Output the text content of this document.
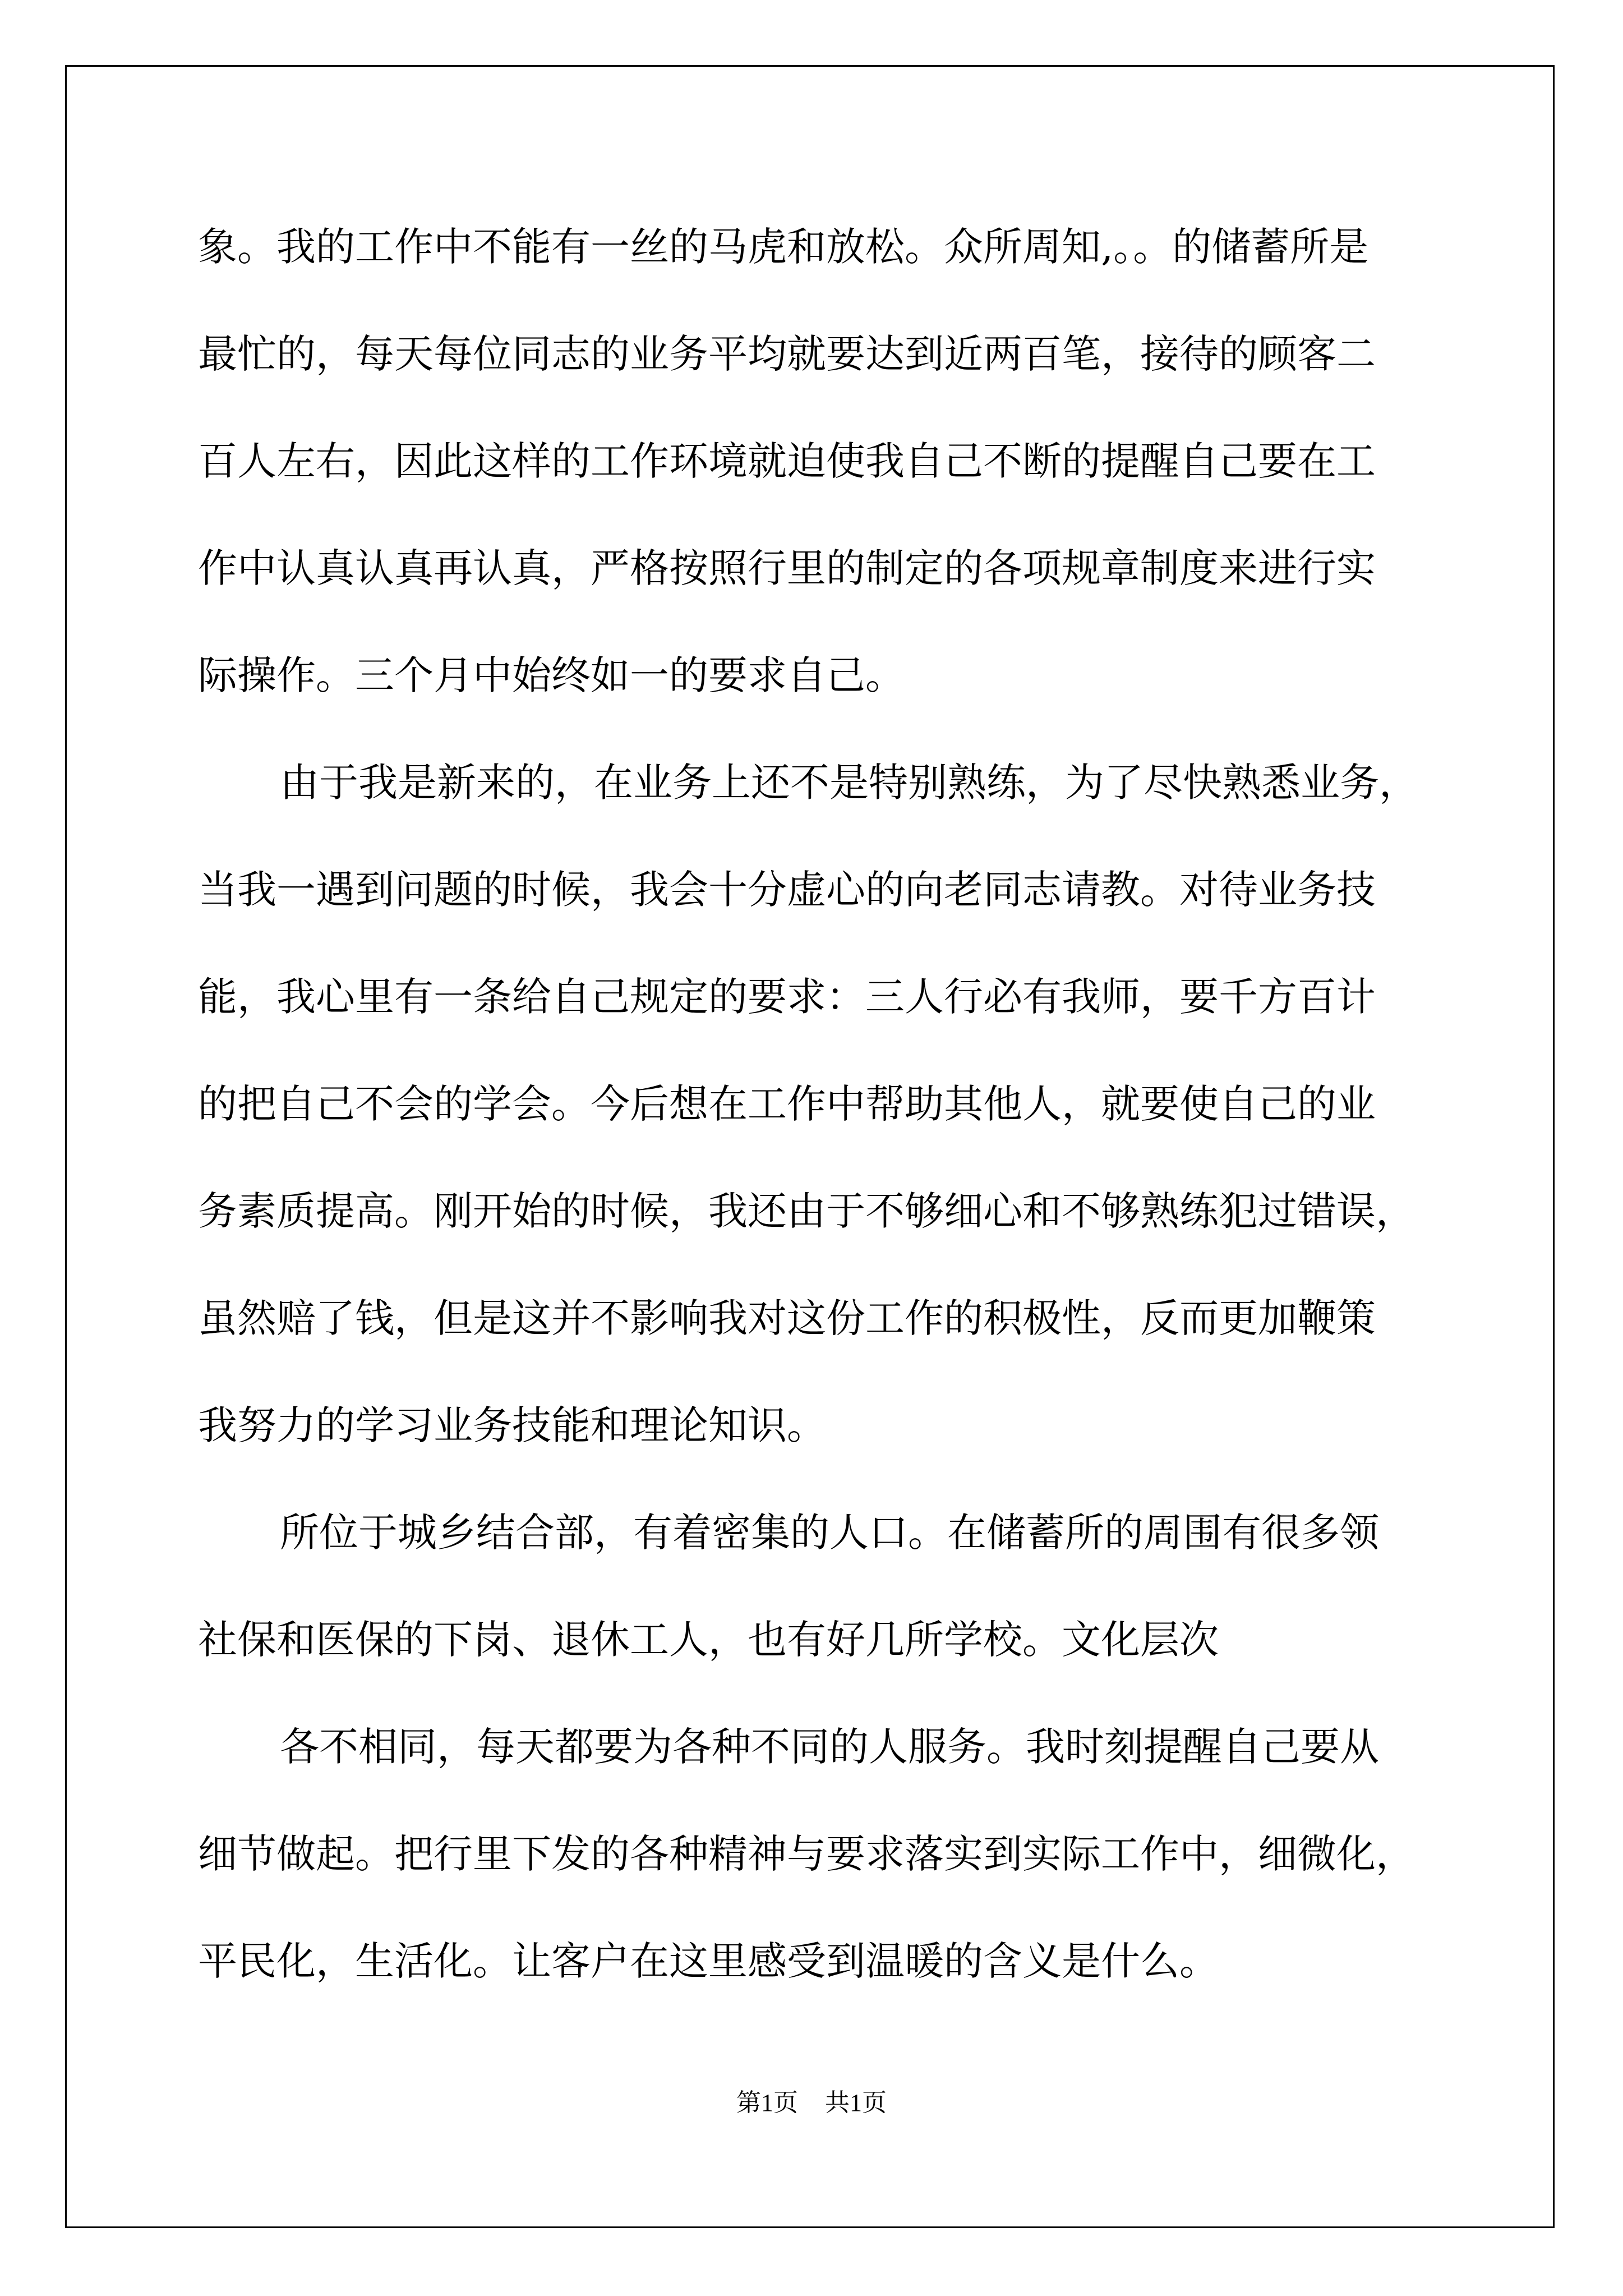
象。我的工作中不能有一丝的马虎和放松。众所周知,。。的储蓄所是
最忙的，每天每位同志的业务平均就要达到近两百笔，接待的顾客二
百人左右，因此这样的工作环境就迫使我自己不断的提醒自己要在工
作中认真认真再认真，严格按照行里的制定的各项规章制度来进行实
际操作。三个月中始终如一的要求自己。
由于我是新来的，在业务上还不是特别熟练，为了尽快熟悉业务，
当我一遇到问题的时候，我会十分虚心的向老同志请教。对待业务技
能，我心里有一条给自己规定的要求：三人行必有我师，要千方百计
的把自己不会的学会。今后想在工作中帮助其他人，就要使自己的业
务素质提高。刚开始的时候，我还由于不够细心和不够熟练犯过错误，
虽然赔了钱，但是这并不影响我对这份工作的积极性，反而更加鞭策
我努力的学习业务技能和理论知识。
所位于城乡结合部，有着密集的人口。在储蓄所的周围有很多领
社保和医保的下岗、退休工人，也有好几所学校。文化层次
各不相同，每天都要为各种不同的人服务。我时刻提醒自己要从
细节做起。把行里下发的各种精神与要求落实到实际工作中，细微化，
平民化，生活化。让客户在这里感受到温暖的含义是什么。
第1页 共1页
